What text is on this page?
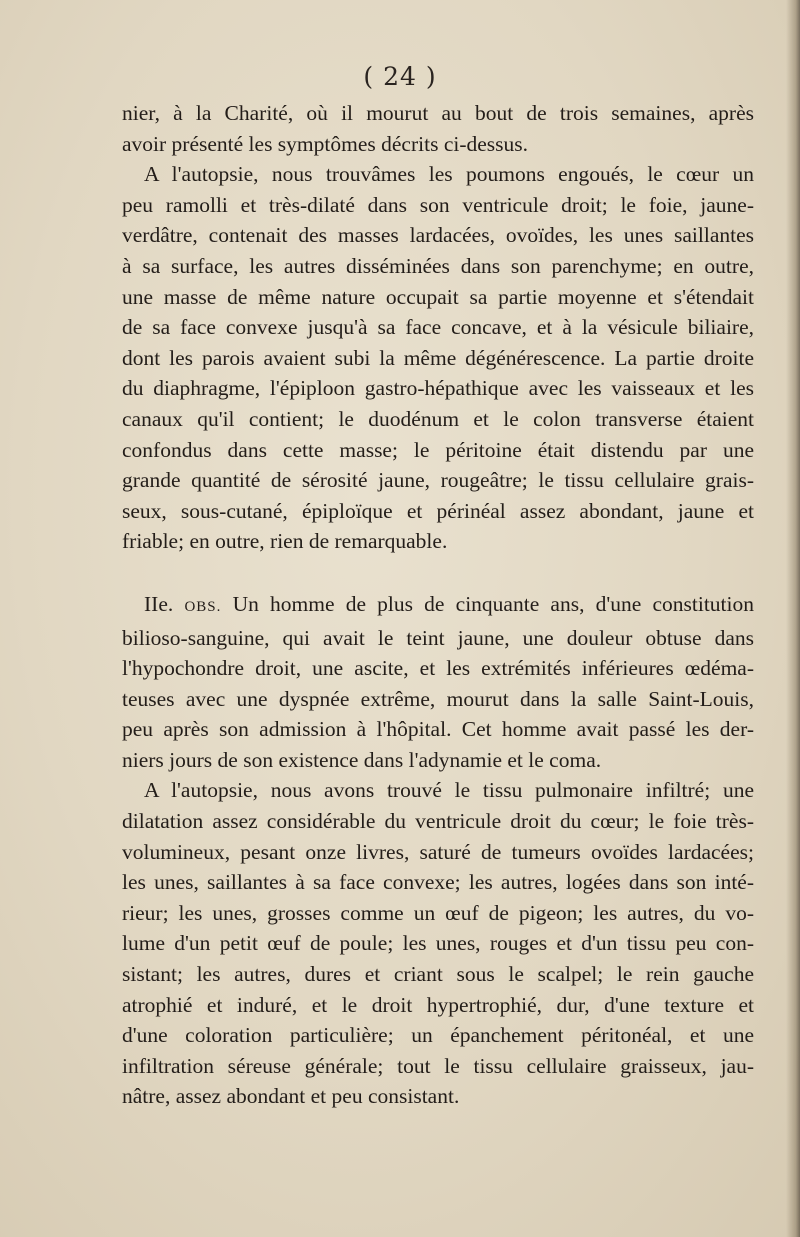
( 24 )
nier, à la Charité, où il mourut au bout de trois semaines, après
avoir présenté les symptômes décrits ci-dessus.
A l'autopsie, nous trouvâmes les poumons engoués, le cœur un
peu ramolli et très-dilaté dans son ventricule droit; le foie, jaune-
verdâtre, contenait des masses lardacées, ovoïdes, les unes saillantes
à sa surface, les autres disséminées dans son parenchyme; en outre,
une masse de même nature occupait sa partie moyenne et s'étendait
de sa face convexe jusqu'à sa face concave, et à la vésicule biliaire,
dont les parois avaient subi la même dégénérescence. La partie droite
du diaphragme, l'épiploon gastro-hépathique avec les vaisseaux et les
canaux qu'il contient; le duodénum et le colon transverse étaient
confondus dans cette masse; le péritoine était distendu par une
grande quantité de sérosité jaune, rougeâtre; le tissu cellulaire grais-
seux, sous-cutané, épiploïque et périnéal assez abondant, jaune et
friable; en outre, rien de remarquable.
IIe. OBS. Un homme de plus de cinquante ans, d'une constitution
bilioso-sanguine, qui avait le teint jaune, une douleur obtuse dans
l'hypochondre droit, une ascite, et les extrémités inférieures œdéma-
teuses avec une dyspnée extrême, mourut dans la salle Saint-Louis,
peu après son admission à l'hôpital. Cet homme avait passé les der-
niers jours de son existence dans l'adynamie et le coma.
A l'autopsie, nous avons trouvé le tissu pulmonaire infiltré; une
dilatation assez considérable du ventricule droit du cœur; le foie très-
volumineux, pesant onze livres, saturé de tumeurs ovoïdes lardacées;
les unes, saillantes à sa face convexe; les autres, logées dans son inté-
rieur; les unes, grosses comme un œuf de pigeon; les autres, du vo-
lume d'un petit œuf de poule; les unes, rouges et d'un tissu peu con-
sistant; les autres, dures et criant sous le scalpel; le rein gauche
atrophié et induré, et le droit hypertrophié, dur, d'une texture et
d'une coloration particulière; un épanchement péritonéal, et une
infiltration séreuse générale; tout le tissu cellulaire graisseux, jau-
nâtre, assez abondant et peu consistant.
